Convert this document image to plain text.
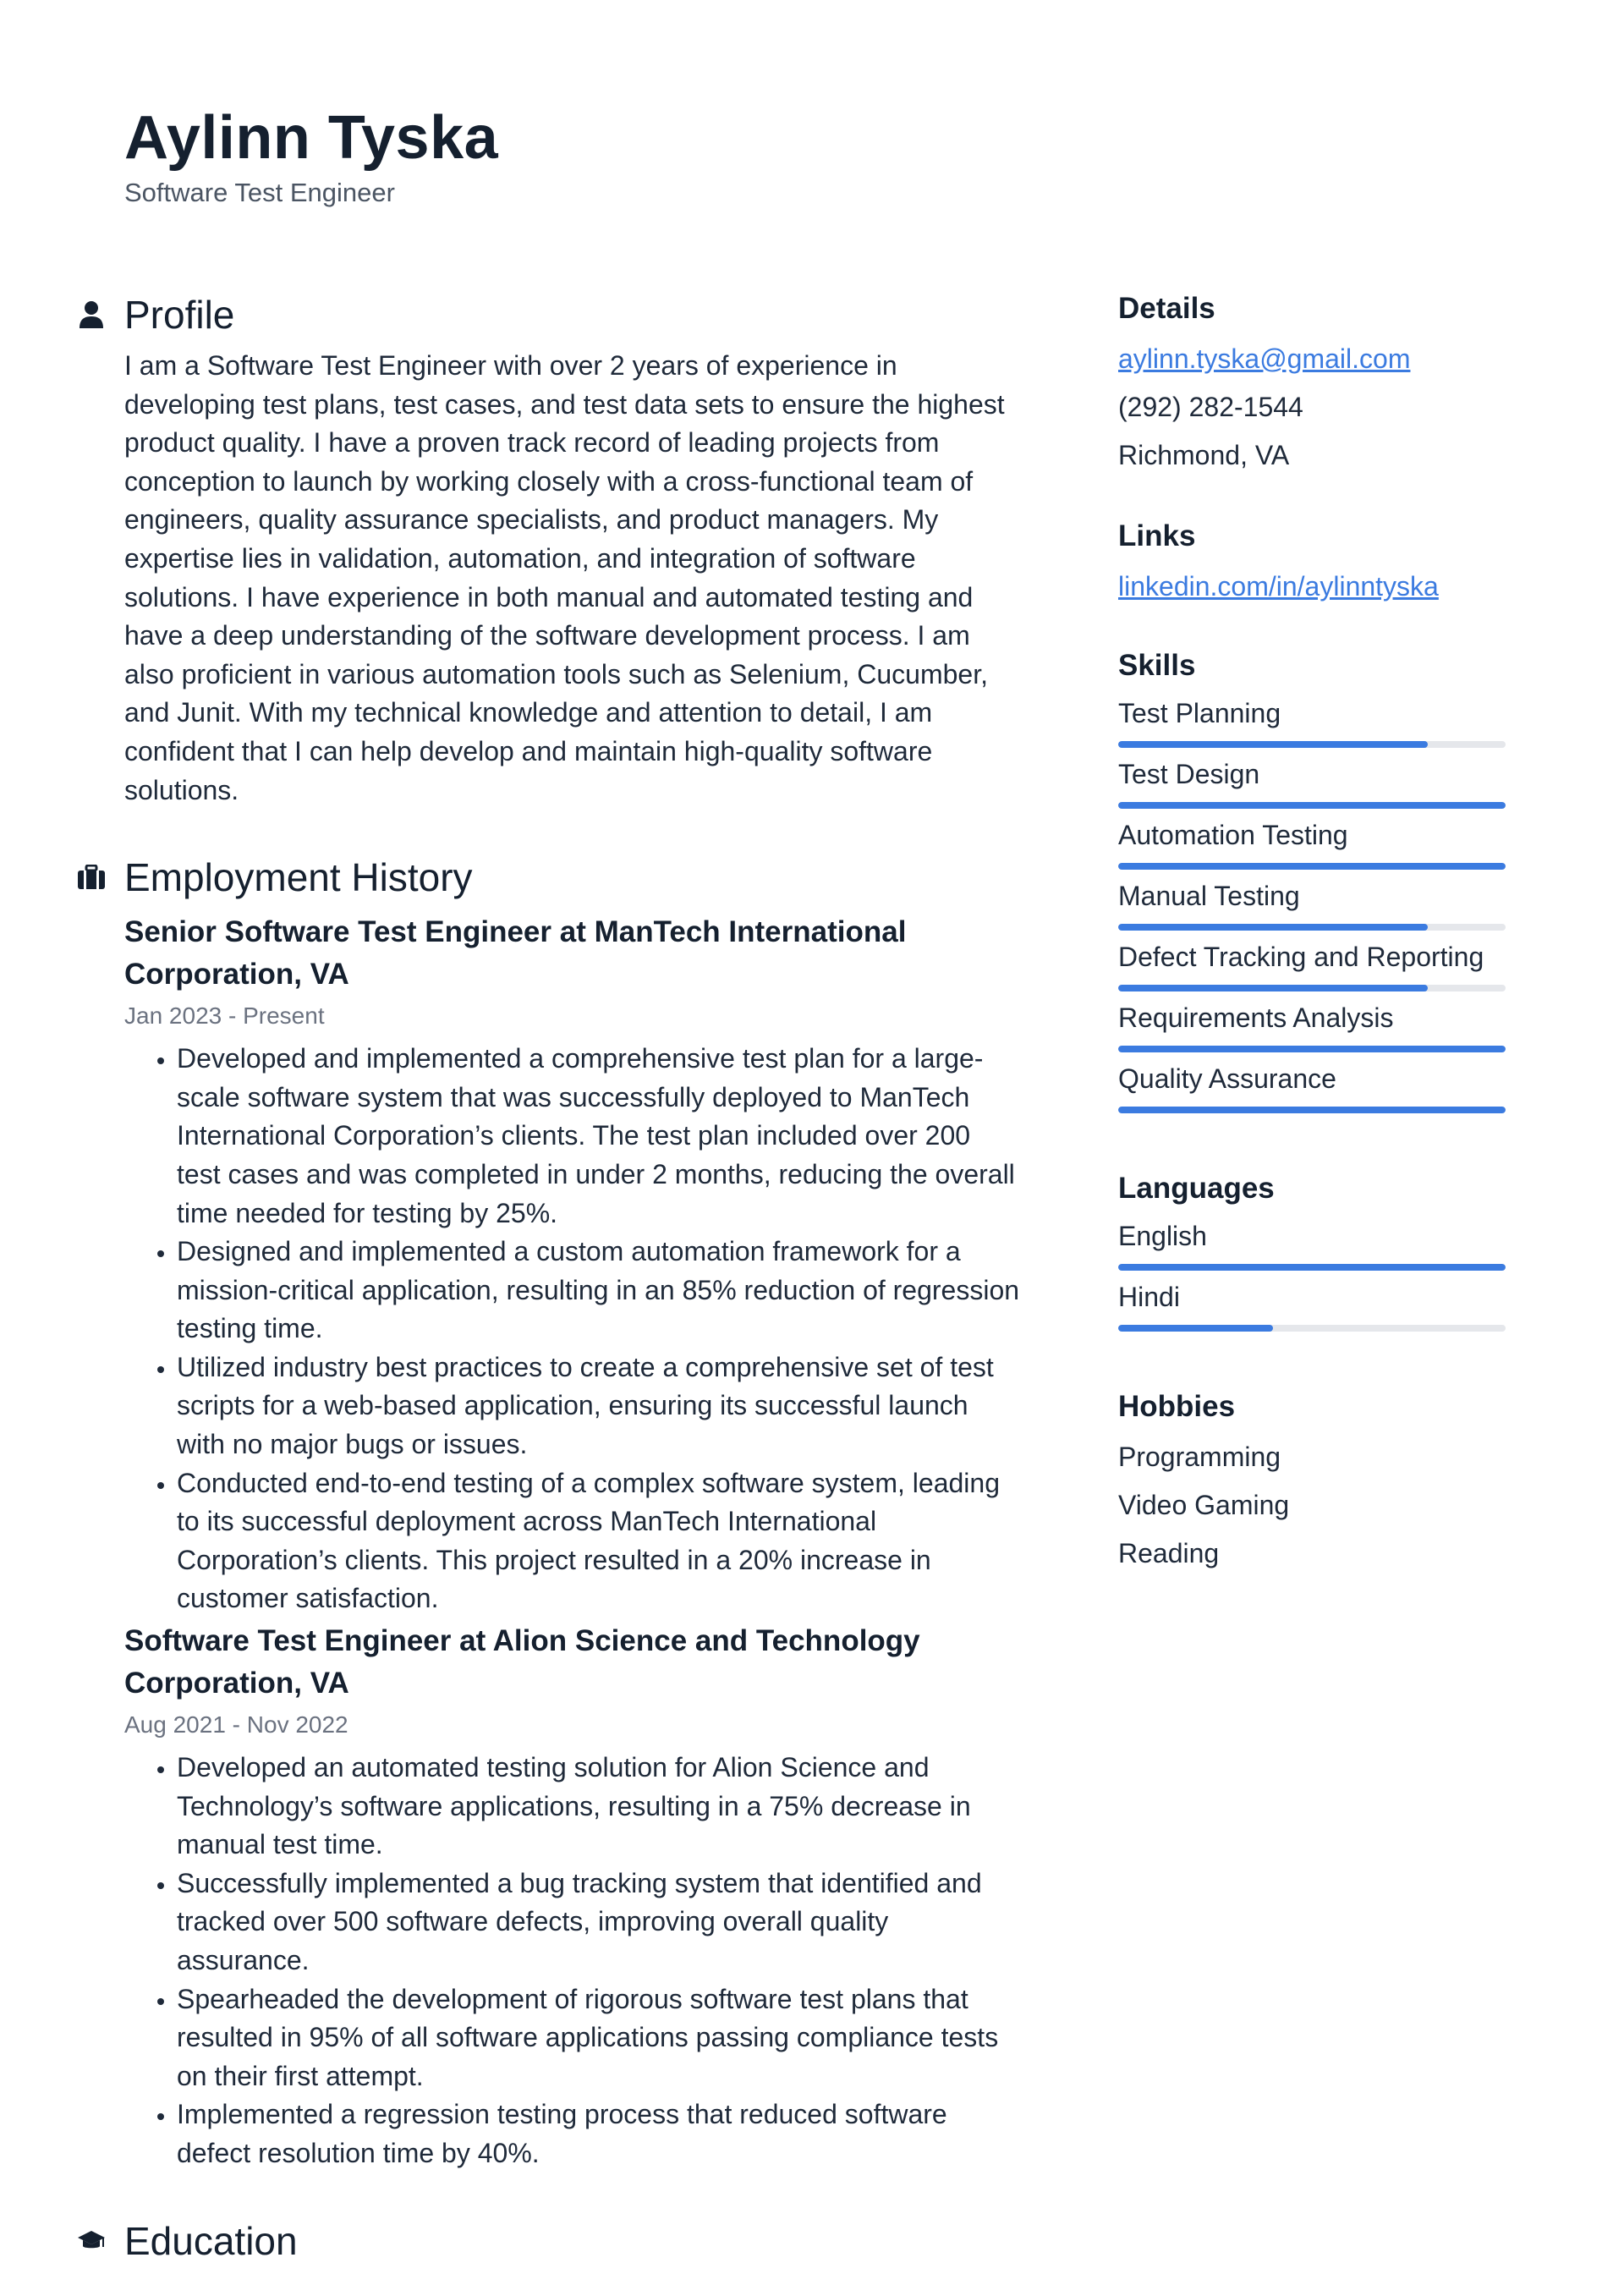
Aylinn Tyska
Software Test Engineer
Profile

I am a Software Test Engineer with over 2 years of experience in developing test plans, test cases, and test data sets to ensure the highest product quality. I have a proven track record of leading projects from conception to launch by working closely with a cross-functional team of engineers, quality assurance specialists, and product managers. My expertise lies in validation, automation, and integration of software solutions. I have experience in both manual and automated testing and have a deep understanding of the software development process. I am also proficient in various automation tools such as Selenium, Cucumber, and Junit. With my technical knowledge and attention to detail, I am confident that I can help develop and maintain high-quality software solutions.

Employment History
Senior Software Test Engineer at ManTech International Corporation, VA
Jan 2023 - Present
• Developed and implemented a comprehensive test plan for a large-scale software system that was successfully deployed to ManTech International Corporation’s clients. The test plan included over 200 test cases and was completed in under 2 months, reducing the overall time needed for testing by 25%.
• Designed and implemented a custom automation framework for a mission-critical application, resulting in an 85% reduction of regression testing time.
• Utilized industry best practices to create a comprehensive set of test scripts for a web-based application, ensuring its successful launch with no major bugs or issues.
• Conducted end-to-end testing of a complex software system, leading to its successful deployment across ManTech International Corporation’s clients. This project resulted in a 20% increase in customer satisfaction.
Software Test Engineer at Alion Science and Technology Corporation, VA
Aug 2021 - Nov 2022
• Developed an automated testing solution for Alion Science and Technology’s software applications, resulting in a 75% decrease in manual test time.
• Successfully implemented a bug tracking system that identified and tracked over 500 software defects, improving overall quality assurance.
• Spearheaded the development of rigorous software test plans that resulted in 95% of all software applications passing compliance tests on their first attempt.
• Implemented a regression testing process that reduced software defect resolution time by 40%.
Education
Details
aylinn.tyska@gmail.com
(292) 282-1544
Richmond, VA
Links
linkedin.com/in/aylinntyska
Skills
Test Planning
Test Design
Automation Testing
Manual Testing
Defect Tracking and Reporting
Requirements Analysis
Quality Assurance
Languages
English
Hindi
Hobbies
Programming
Video Gaming
Reading
